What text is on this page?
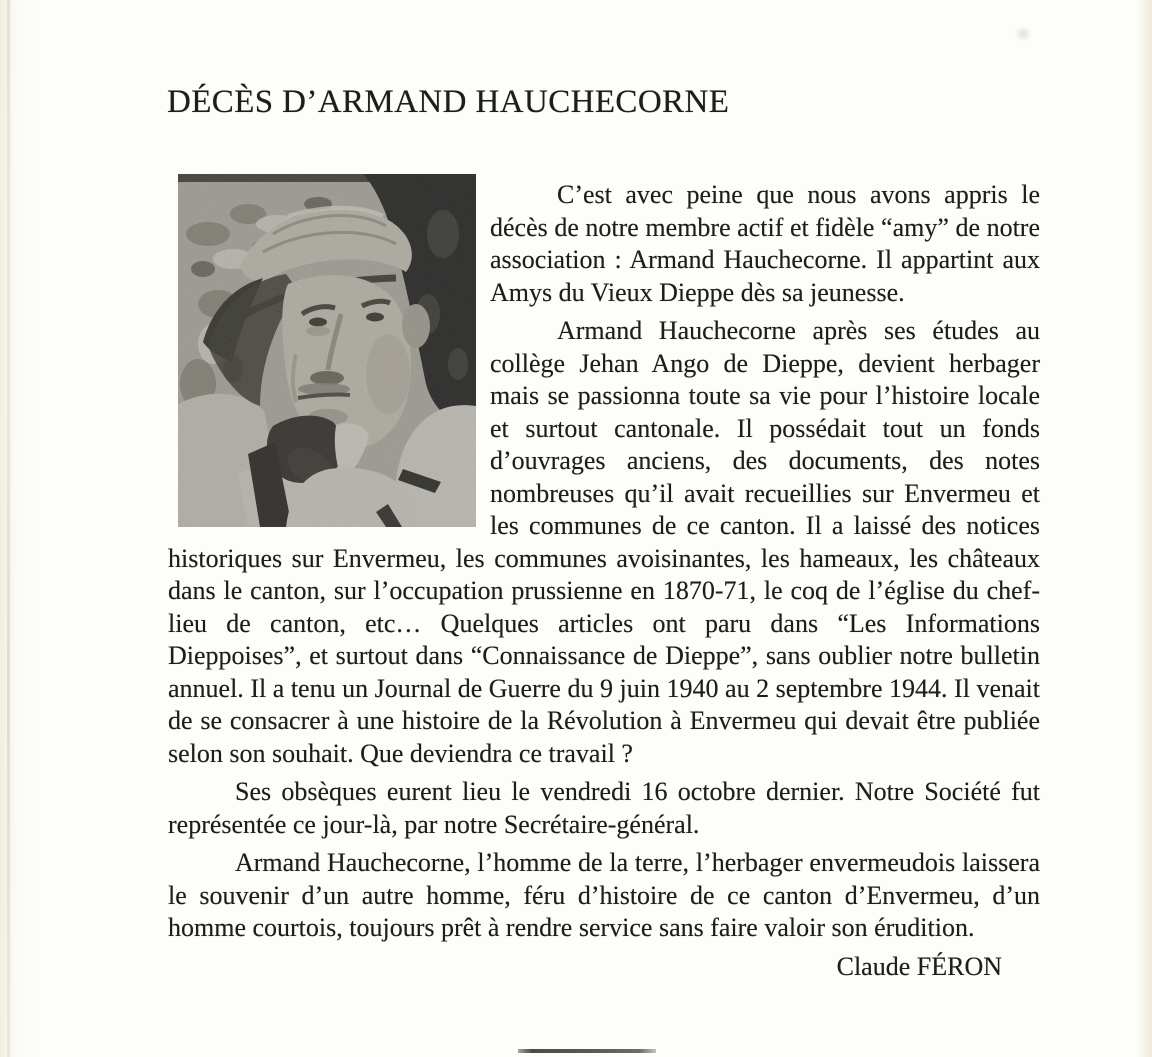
DÉCÈS D’ARMAND HAUCHECORNE

C’est avec peine que nous avons appris le décès de notre membre actif et fidèle “amy” de notre association : Armand Hauchecorne. Il appartint aux Amys du Vieux Dieppe dès sa jeunesse.

Armand Hauchecorne après ses études au collège Jehan Ango de Dieppe, devient herbager mais se passionna toute sa vie pour l’histoire locale et surtout cantonale. Il possédait tout un fonds d’ouvrages anciens, des documents, des notes nombreuses qu’il avait recueillies sur Envermeu et les communes de ce canton. Il a laissé des notices historiques sur Envermeu, les communes avoisinantes, les hameaux, les châteaux dans le canton, sur l’occupation prussienne en 1870-71, le coq de l’église du chef-lieu de canton, etc… Quelques articles ont paru dans “Les Informations Dieppoises”, et surtout dans “Connaissance de Dieppe”, sans oublier notre bulletin annuel. Il a tenu un Journal de Guerre du 9 juin 1940 au 2 septembre 1944. Il venait de se consacrer à une histoire de la Révolution à Envermeu qui devait être publiée selon son souhait. Que deviendra ce travail ?

Ses obsèques eurent lieu le vendredi 16 octobre dernier. Notre Société fut représentée ce jour-là, par notre Secrétaire-général.

Armand Hauchecorne, l’homme de la terre, l’herbager envermeudois laissera le souvenir d’un autre homme, féru d’histoire de ce canton d’Envermeu, d’un homme courtois, toujours prêt à rendre service sans faire valoir son érudition.

Claude FÉRON
